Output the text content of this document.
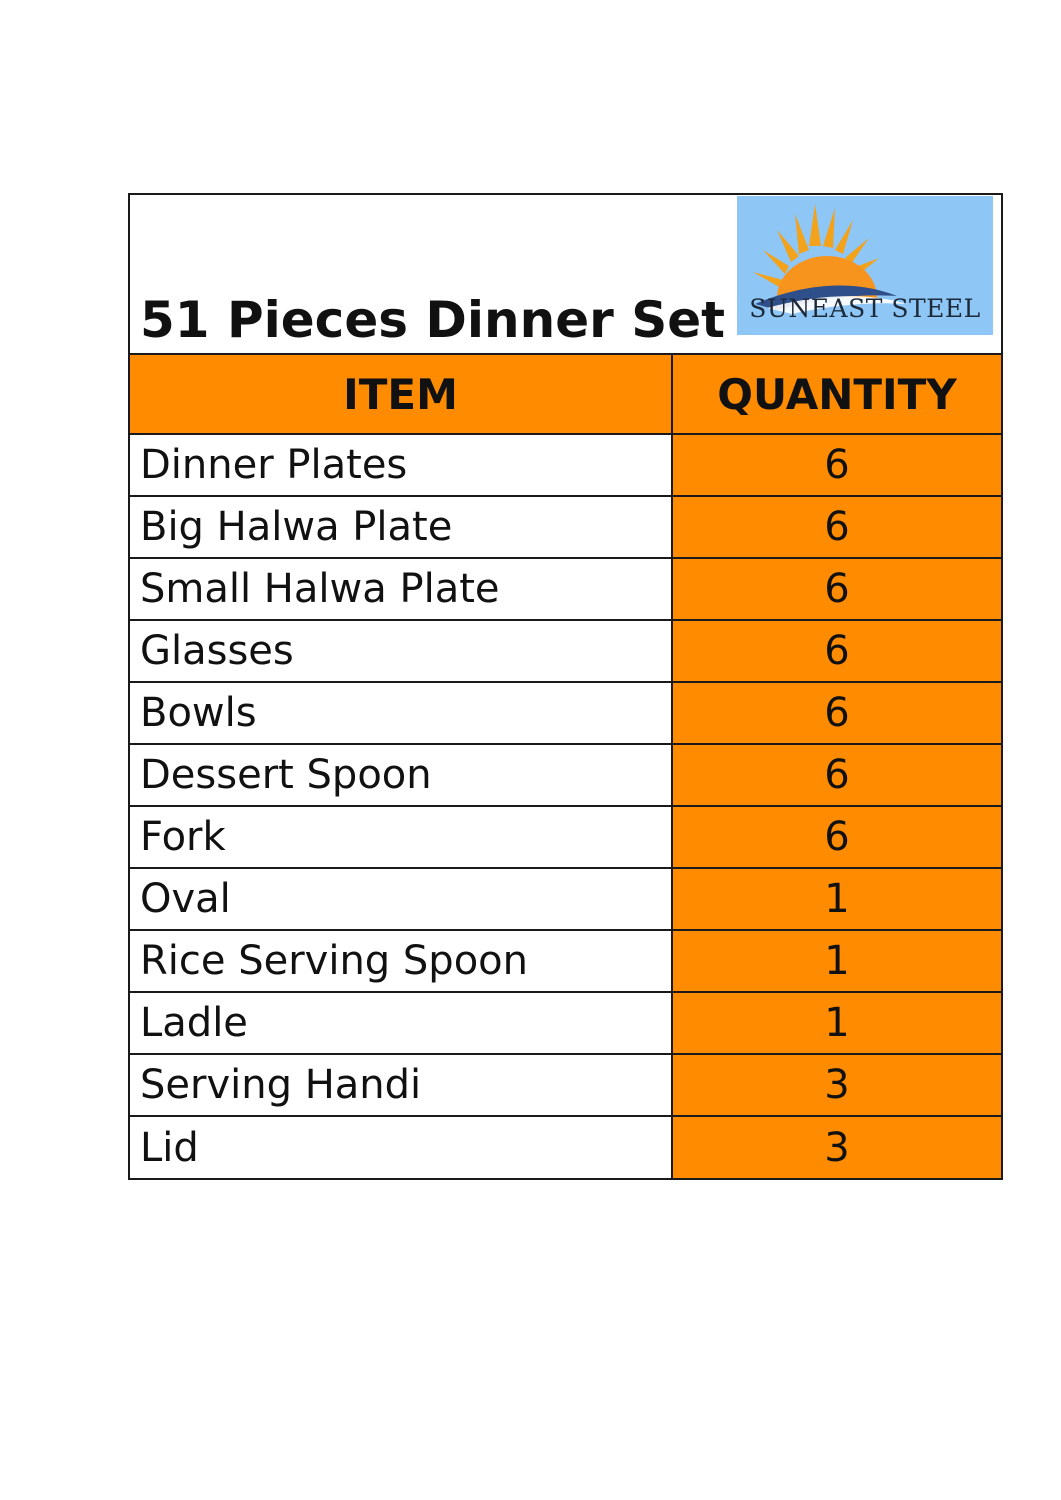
51 Pieces Dinner Set SUNEAST STEEL
ITEM	QUANTITY
Dinner Plates	6
Big Halwa Plate	6
Small Halwa Plate	6
Glasses	6
Bowls	6
Dessert Spoon	6
Fork	6
Oval	1
Rice Serving Spoon	1
Ladle	1
Serving Handi	3
Lid	3
